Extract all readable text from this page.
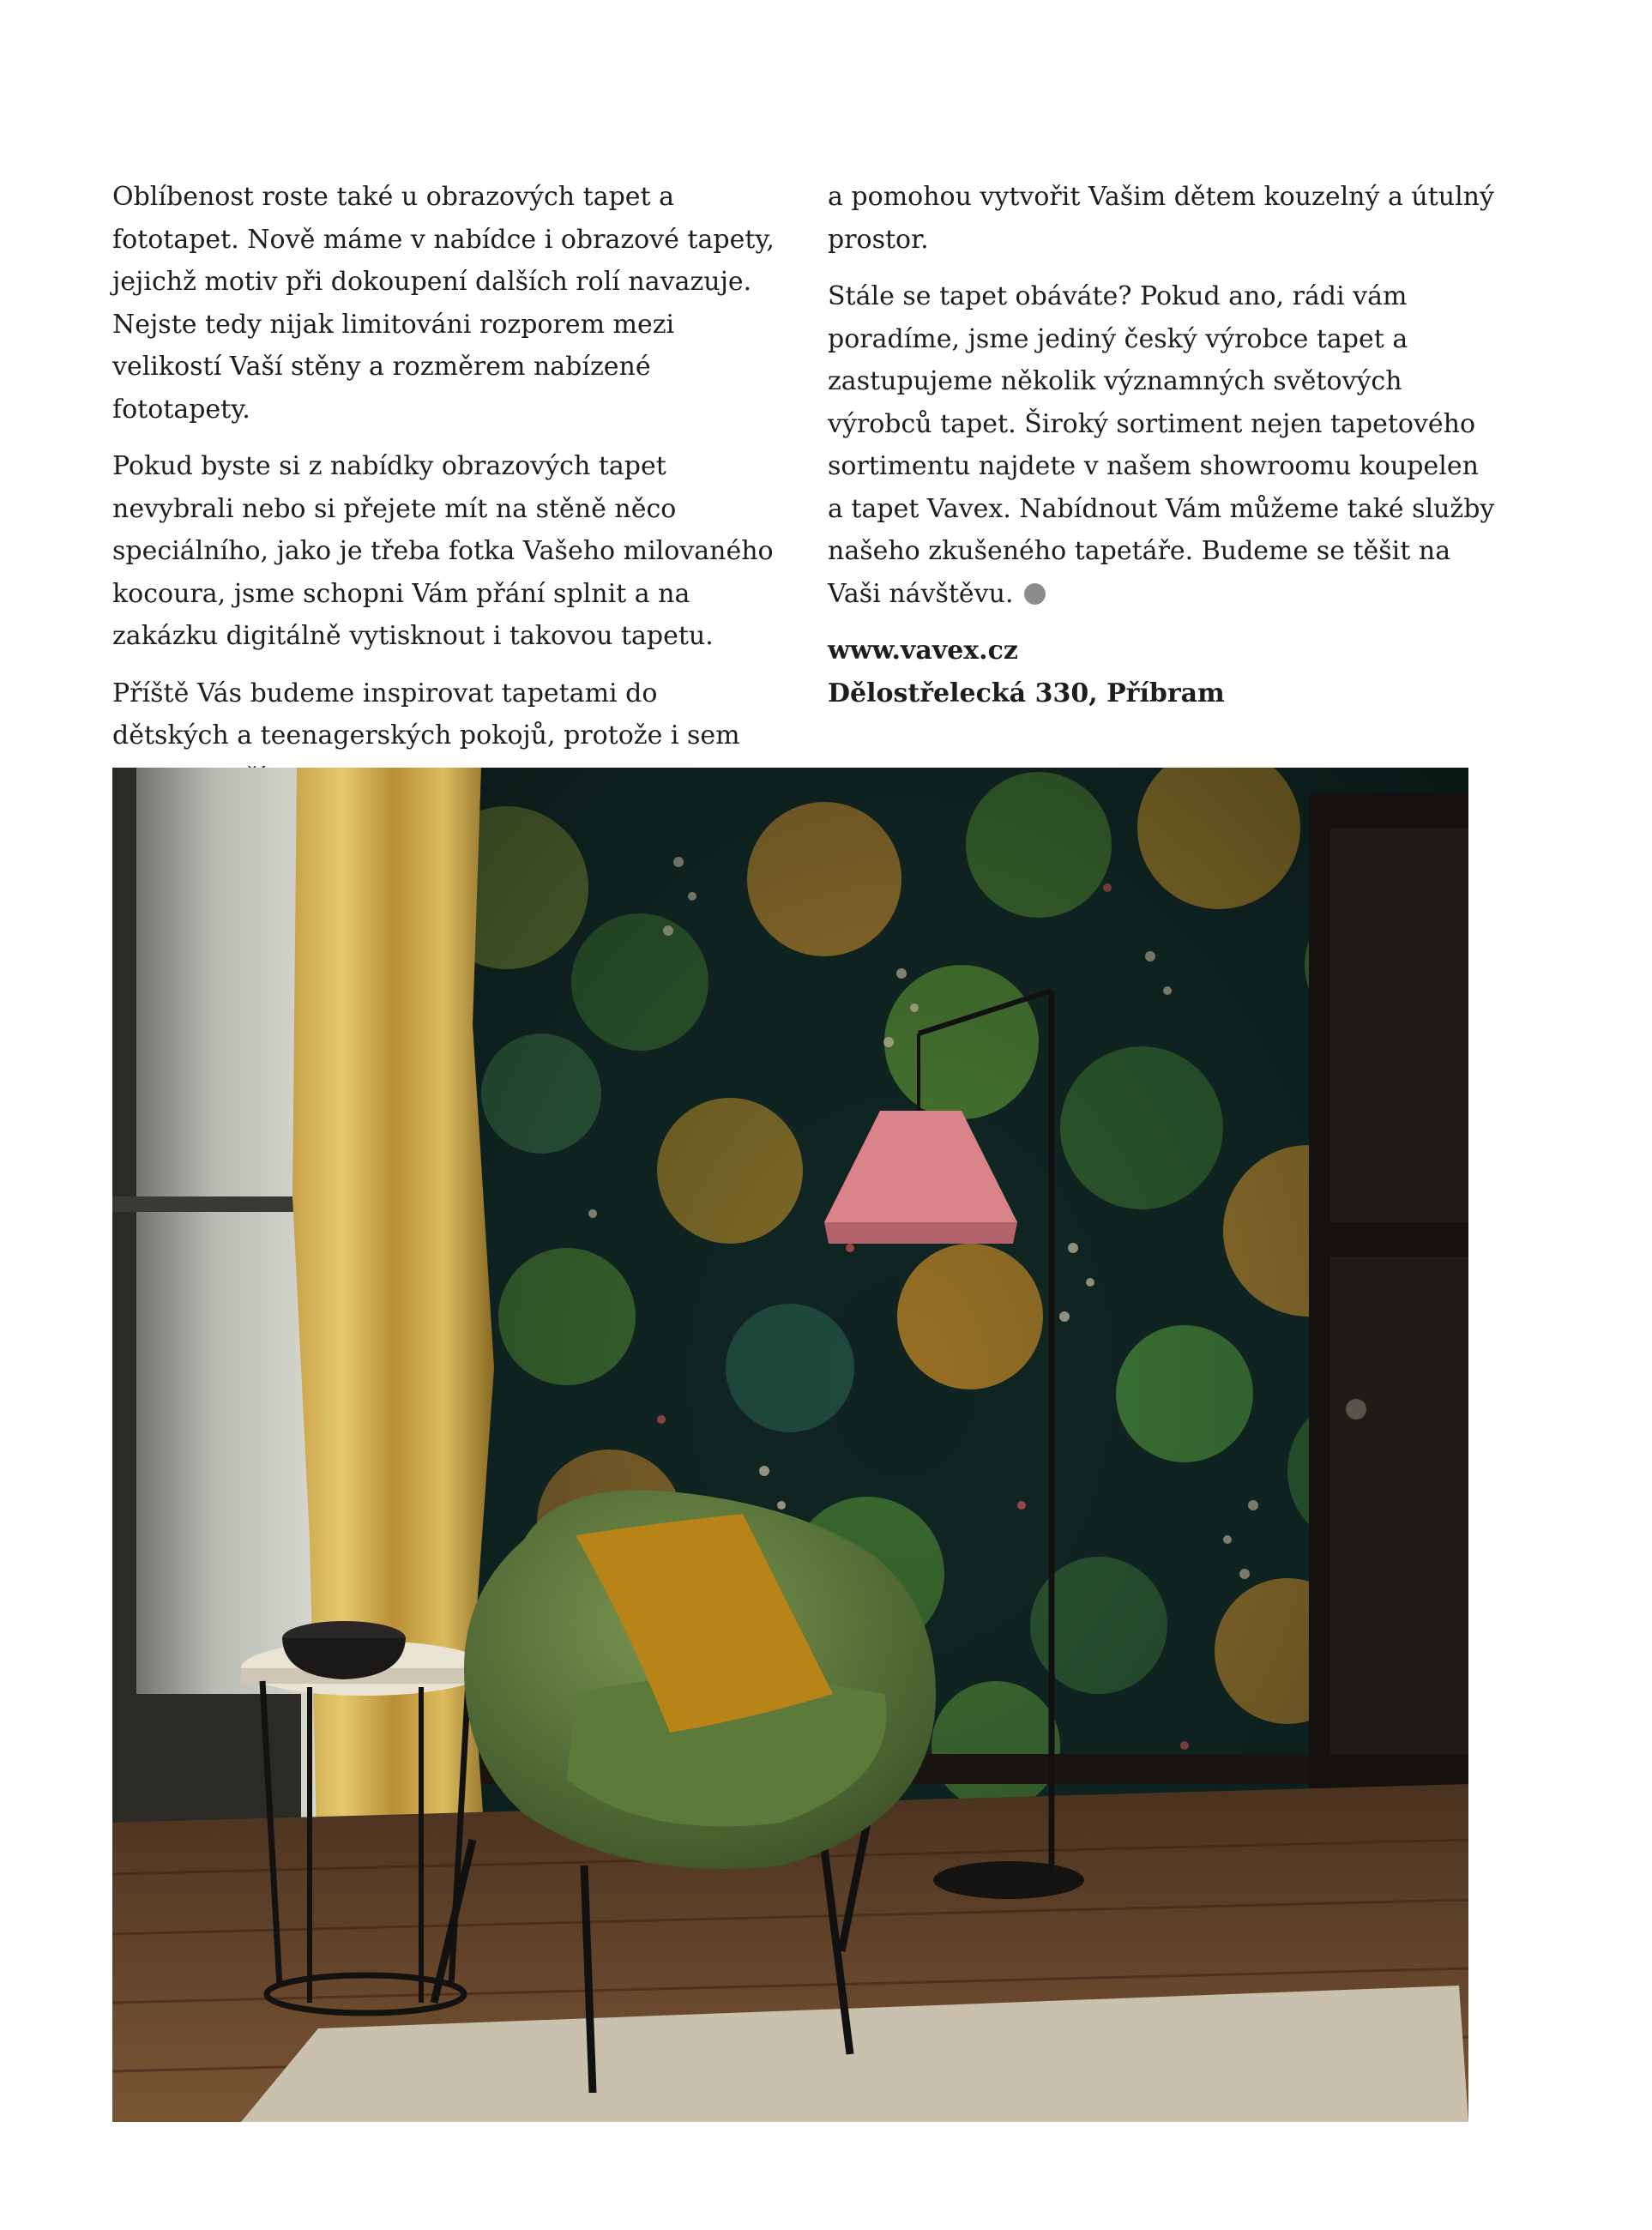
Oblíbenost roste také u obrazových tapet a fototapet. Nově máme v nabídce i obrazové tapety, jejichž motiv při dokoupení dalších rolí navazuje. Nejste tedy nijak limitováni rozporem mezi velikostí Vaší stěny a rozměrem nabízené fototapety.

Pokud byste si z nabídky obrazových tapet nevybrali nebo si přejete mít na stěně něco speciálního, jako je třeba fotka Vašeho milovaného kocoura, jsme schopni Vám přání splnit a na zakázku digitálně vytisknout i takovou tapetu.

Příště Vás budeme inspirovat tapetami do dětských a teenagerských pokojů, protože i sem

a pomohou vytvořit Vašim dětem kouzelný a útulný prostor.

Stále se tapet obáváte? Pokud ano, rádi vám poradíme, jsme jediný český výrobce tapet a zastupujeme několik významných světových výrobců tapet. Široký sortiment nejen tapetového sortimentu najdete v našem showroomu koupelen a tapet Vavex. Nabídnout Vám můžeme také služby našeho zkušeného tapetáře. Budeme se těšit na Vaši návštěvu.

www.vavex.cz
Dělostřelecká 330, Příbram
